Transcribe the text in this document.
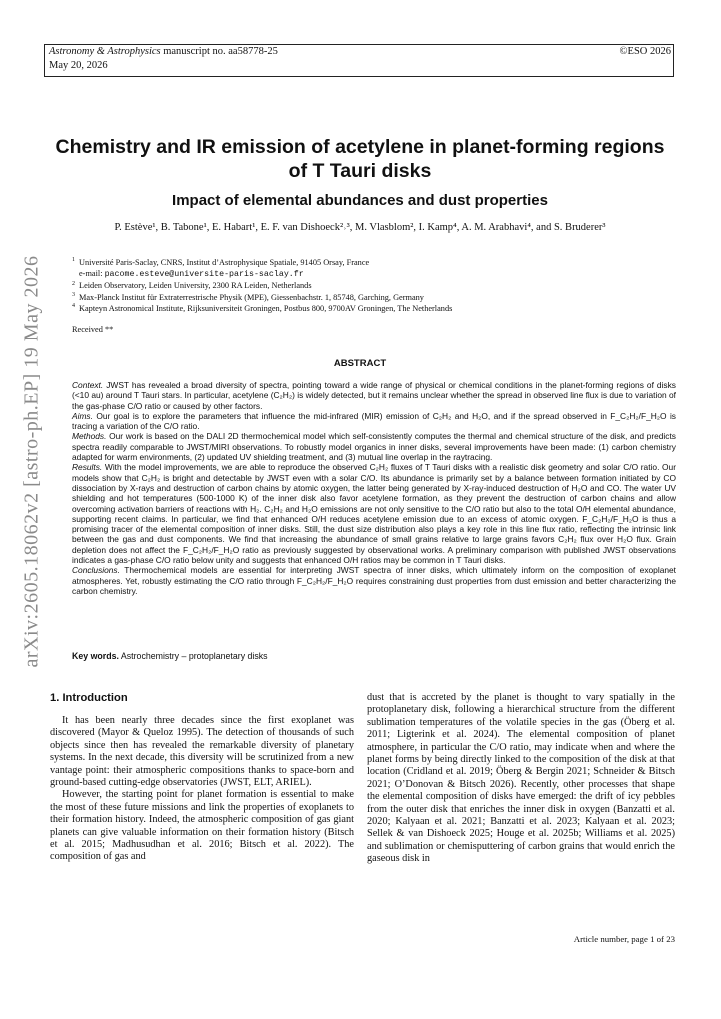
Astronomy & Astrophysics manuscript no. aa58778-25
May 20, 2026
©ESO 2026
arXiv:2605.18062v2 [astro-ph.EP] 19 May 2026
Chemistry and IR emission of acetylene in planet-forming regions
of T Tauri disks
Impact of elemental abundances and dust properties
P. Estève¹, B. Tabone¹, E. Habart¹, E. F. van Dishoeck²˒³, M. Vlasblom², I. Kamp⁴, A. M. Arabhavi⁴, and S. Bruderer³
$^1$ Université Paris-Saclay, CNRS, Institut d’Astrophysique Spatiale, 91405 Orsay, France
e-mail: pacome.esteve@universite-paris-saclay.fr
$^2$ Leiden Observatory, Leiden University, 2300 RA Leiden, Netherlands
$^3$ Max-Planck Institut für Extraterrestrische Physik (MPE), Giessenbachstr. 1, 85748, Garching, Germany
$^4$ Kapteyn Astronomical Institute, Rijksuniversiteit Groningen, Postbus 800, 9700AV Groningen, The Netherlands
Received **
ABSTRACT

Context. JWST has revealed a broad diversity of spectra, pointing toward a wide range of physical or chemical conditions in the planet-forming regions of disks (<10 au) around T Tauri stars. In particular, acetylene (C₂H₂) is widely detected, but it remains unclear whether the spread in observed line flux is due to variation of the gas-phase C/O ratio or caused by other factors.

Aims. Our goal is to explore the parameters that influence the mid-infrared (MIR) emission of C₂H₂ and H₂O, and if the spread observed in F_C₂H₂/F_H₂O is tracing a variation of the C/O ratio.

Methods. Our work is based on the DALI 2D thermochemical model which self-consistently computes the thermal and chemical structure of the disk, and predicts spectra readily comparable to JWST/MIRI observations. To robustly model organics in inner disks, several improvements have been made: (1) carbon chemistry adapted for warm environments, (2) updated UV shielding treatment, and (3) mutual line overlap in the raytracing.

Results. With the model improvements, we are able to reproduce the observed C₂H₂ fluxes of T Tauri disks with a realistic disk geometry and solar C/O ratio. Our models show that C₂H₂ is bright and detectable by JWST even with a solar C/O. Its abundance is primarily set by a balance between formation initiated by CO dissociation by X-rays and destruction of carbon chains by atomic oxygen, the latter being generated by X-ray-induced destruction of H₂O and CO. The water UV shielding and hot temperatures (500-1000 K) of the inner disk also favor acetylene formation, as they prevent the destruction of carbon chains and allow overcoming activation barriers of reactions with H₂. C₂H₂ and H₂O emissions are not only sensitive to the C/O ratio but also to the total O/H elemental abundance, supporting recent claims. In particular, we find that enhanced O/H reduces acetylene emission due to an excess of atomic oxygen. F_C₂H₂/F_H₂O is thus a promising tracer of the elemental composition of inner disks. Still, the dust size distribution also plays a key role in this line flux ratio, reflecting the intrinsic link between the gas and dust components. We find that increasing the abundance of small grains relative to large grains favors C₂H₂ flux over H₂O flux. Grain depletion does not affect the F_C₂H₂/F_H₂O ratio as previously suggested by observational works. A preliminary comparison with published JWST observations indicates a gas-phase C/O ratio below unity and suggests that enhanced O/H ratios may be common in T Tauri disks.

Conclusions. Thermochemical models are essential for interpreting JWST spectra of inner disks, which ultimately inform on the composition of exoplanet atmospheres. Yet, robustly estimating the C/O ratio through F_C₂H₂/F_H₂O requires constraining dust properties from dust emission and better characterizing the carbon chemistry.

Key words. Astrochemistry – protoplanetary disks
1. Introduction

It has been nearly three decades since the first exoplanet was discovered (Mayor & Queloz 1995). The detection of thousands of such objects since then has revealed the remarkable diversity of planetary systems. In the next decade, this diversity will be scrutinized from a new vantage point: their atmospheric compositions thanks to space-born and ground-based cutting-edge observatories (JWST, ELT, ARIEL).

However, the starting point for planet formation is essential to make the most of these future missions and link the properties of exoplanets to their formation history. Indeed, the atmospheric composition of gas giant planets can give valuable information on their formation history (Bitsch et al. 2015; Madhusudhan et al. 2016; Bitsch et al. 2022). The composition of gas and

dust that is accreted by the planet is thought to vary spatially in the protoplanetary disk, following a hierarchical structure from the different sublimation temperatures of the volatile species in the gas (Öberg et al. 2011; Ligterink et al. 2024). The elemental composition of planet atmosphere, in particular the C/O ratio, may indicate when and where the planet forms by being directly linked to the composition of the disk at that location (Cridland et al. 2019; Öberg & Bergin 2021; Schneider & Bitsch 2021; O’Donovan & Bitsch 2026). Recently, other processes that shape the elemental composition of disks have emerged: the drift of icy pebbles from the outer disk that enriches the inner disk in oxygen (Banzatti et al. 2020; Kalyaan et al. 2021; Banzatti et al. 2023; Kalyaan et al. 2023; Sellek & van Dishoeck 2025; Houge et al. 2025b; Williams et al. 2025) and sublimation or chemisputtering of carbon grains that would enrich the gaseous disk in

Article number, page 1 of 23
